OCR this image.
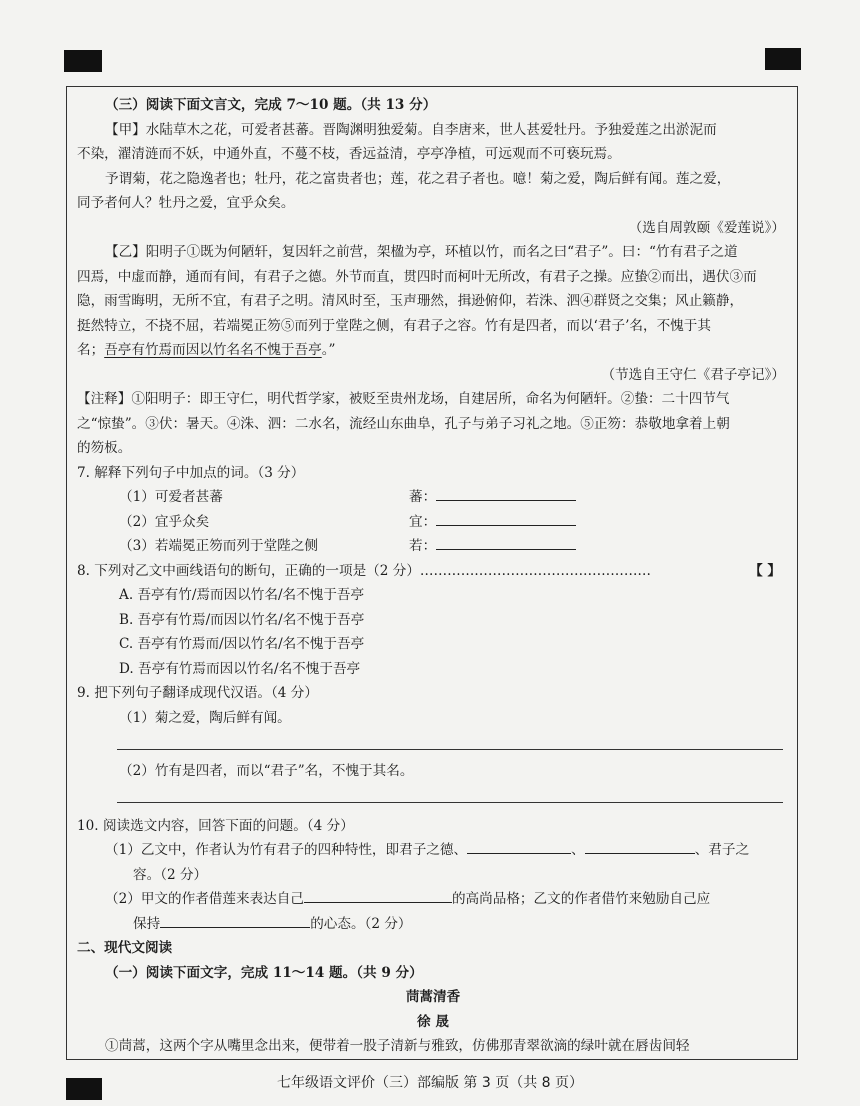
（三）阅读下面文言文，完成 7～10 题。（共 13 分）
【甲】水陆草木之花，可爱者甚蕃。晋陶渊明独爱菊。自李唐来，世人甚爱牡丹。予独爱莲之出淤泥而
不染，濯清涟而不妖，中通外直，不蔓不枝，香远益清，亭亭净植，可远观而不可亵玩焉。
予谓菊，花之隐逸者也；牡丹，花之富贵者也；莲，花之君子者也。噫！菊之爱，陶后鲜有闻。莲之爱，
同予者何人？牡丹之爱，宜乎众矣。
（选自周敦颐《爱莲说》）
【乙】阳明子①既为何陋轩，复因轩之前营，架楹为亭，环植以竹，而名之曰“君子”。曰：“竹有君子之道
四焉，中虚而静，通而有间，有君子之德。外节而直，贯四时而柯叶无所改，有君子之操。应蛰②而出，遇伏③而
隐，雨雪晦明，无所不宜，有君子之明。清风时至，玉声珊然，揖逊俯仰，若洙、泗④群贤之交集；风止籁静，
挺然特立，不挠不屈，若端冕正笏⑤而列于堂陛之侧，有君子之容。竹有是四者，而以‘君子’名，不愧于其
名；吾亭有竹焉而因以竹名名不愧于吾亭。”
（节选自王守仁《君子亭记》）
【注释】①阳明子：即王守仁，明代哲学家，被贬至贵州龙场，自建居所，命名为何陋轩。②蛰：二十四节气
之“惊蛰”。③伏：暑天。④洙、泗：二水名，流经山东曲阜，孔子与弟子习礼之地。⑤正笏：恭敬地拿着上朝
的笏板。
7. 解释下列句子中加点的词。（3 分）
（1）可爱者甚蕃	蕃：
（2）宜乎众矣	宜：
（3）若端冕正笏而列于堂陛之侧	若：
【 】
8. 下列对乙文中画线语句的断句，正确的一项是（2 分）……………………………………………
A. 吾亭有竹/焉而因以竹名/名不愧于吾亭
B. 吾亭有竹焉/而因以竹名/名不愧于吾亭
C. 吾亭有竹焉而/因以竹名/名不愧于吾亭
D. 吾亭有竹焉而因以竹名/名不愧于吾亭
9. 把下列句子翻译成现代汉语。（4 分）
（1）菊之爱，陶后鲜有闻。
（2）竹有是四者，而以“君子”名，不愧于其名。
10. 阅读选文内容，回答下面的问题。（4 分）
（1）乙文中，作者认为竹有君子的四种特性，即君子之德、	、	、君子之
容。（2 分）
（2）甲文的作者借莲来表达自己	的高尚品格；乙文的作者借竹来勉励自己应
保持	的心态。（2 分）
二、现代文阅读
（一）阅读下面文字，完成 11～14 题。（共 9 分）
茼蒿清香
徐 晟
①茼蒿，这两个字从嘴里念出来，便带着一股子清新与雅致，仿佛那青翠欲滴的绿叶就在唇齿间轻
七年级语文评价（三）部编版 第 3 页（共 8 页）
